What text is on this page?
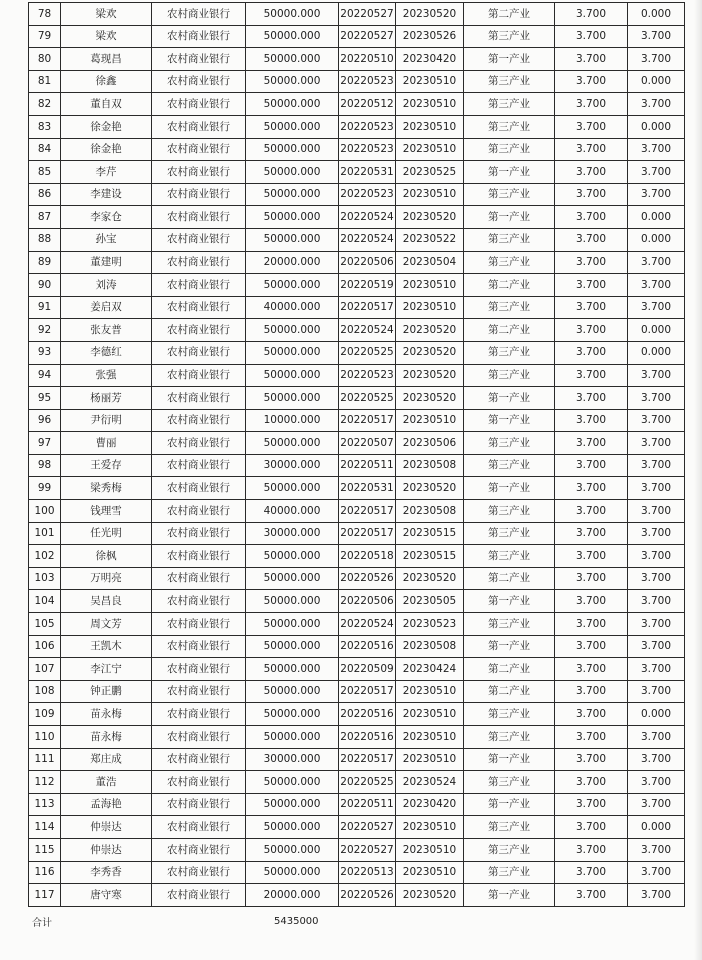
78	梁欢	农村商业银行	50000.000	20220527	20230520	第二产业	3.700	0.000
79	梁欢	农村商业银行	50000.000	20220527	20230526	第三产业	3.700	3.700
80	葛现昌	农村商业银行	50000.000	20220510	20230420	第一产业	3.700	3.700
81	徐鑫	农村商业银行	50000.000	20220523	20230510	第三产业	3.700	0.000
82	董自双	农村商业银行	50000.000	20220512	20230510	第三产业	3.700	3.700
83	徐金艳	农村商业银行	50000.000	20220523	20230510	第三产业	3.700	0.000
84	徐金艳	农村商业银行	50000.000	20220523	20230510	第三产业	3.700	3.700
85	李芹	农村商业银行	50000.000	20220531	20230525	第一产业	3.700	3.700
86	李建设	农村商业银行	50000.000	20220523	20230510	第三产业	3.700	3.700
87	李家仓	农村商业银行	50000.000	20220524	20230520	第一产业	3.700	0.000
88	孙宝	农村商业银行	50000.000	20220524	20230522	第三产业	3.700	0.000
89	董建明	农村商业银行	20000.000	20220506	20230504	第三产业	3.700	3.700
90	刘涛	农村商业银行	50000.000	20220519	20230510	第二产业	3.700	3.700
91	姜启双	农村商业银行	40000.000	20220517	20230510	第三产业	3.700	3.700
92	张友普	农村商业银行	50000.000	20220524	20230520	第二产业	3.700	0.000
93	李德红	农村商业银行	50000.000	20220525	20230520	第三产业	3.700	0.000
94	张强	农村商业银行	50000.000	20220523	20230520	第三产业	3.700	3.700
95	杨丽芳	农村商业银行	50000.000	20220525	20230520	第一产业	3.700	3.700
96	尹衍明	农村商业银行	10000.000	20220517	20230510	第一产业	3.700	3.700
97	曹丽	农村商业银行	50000.000	20220507	20230506	第三产业	3.700	3.700
98	王爱存	农村商业银行	30000.000	20220511	20230508	第三产业	3.700	3.700
99	梁秀梅	农村商业银行	50000.000	20220531	20230520	第一产业	3.700	3.700
100	钱理雪	农村商业银行	40000.000	20220517	20230508	第三产业	3.700	3.700
101	任光明	农村商业银行	30000.000	20220517	20230515	第三产业	3.700	3.700
102	徐枫	农村商业银行	50000.000	20220518	20230515	第三产业	3.700	3.700
103	万明亮	农村商业银行	50000.000	20220526	20230520	第二产业	3.700	3.700
104	吴昌良	农村商业银行	50000.000	20220506	20230505	第一产业	3.700	3.700
105	周文芳	农村商业银行	50000.000	20220524	20230523	第三产业	3.700	3.700
106	王凯木	农村商业银行	50000.000	20220516	20230508	第一产业	3.700	3.700
107	李江宁	农村商业银行	50000.000	20220509	20230424	第二产业	3.700	3.700
108	钟正鹏	农村商业银行	50000.000	20220517	20230510	第二产业	3.700	3.700
109	苗永梅	农村商业银行	50000.000	20220516	20230510	第三产业	3.700	0.000
110	苗永梅	农村商业银行	50000.000	20220516	20230510	第三产业	3.700	3.700
111	郑庄成	农村商业银行	30000.000	20220517	20230510	第一产业	3.700	3.700
112	董浩	农村商业银行	50000.000	20220525	20230524	第三产业	3.700	3.700
113	孟海艳	农村商业银行	50000.000	20220511	20230420	第一产业	3.700	3.700
114	仲崇达	农村商业银行	50000.000	20220527	20230510	第三产业	3.700	0.000
115	仲崇达	农村商业银行	50000.000	20220527	20230510	第三产业	3.700	3.700
116	李秀香	农村商业银行	50000.000	20220513	20230510	第三产业	3.700	3.700
117	唐守寒	农村商业银行	20000.000	20220526	20230520	第一产业	3.700	3.700
合计	5435000
